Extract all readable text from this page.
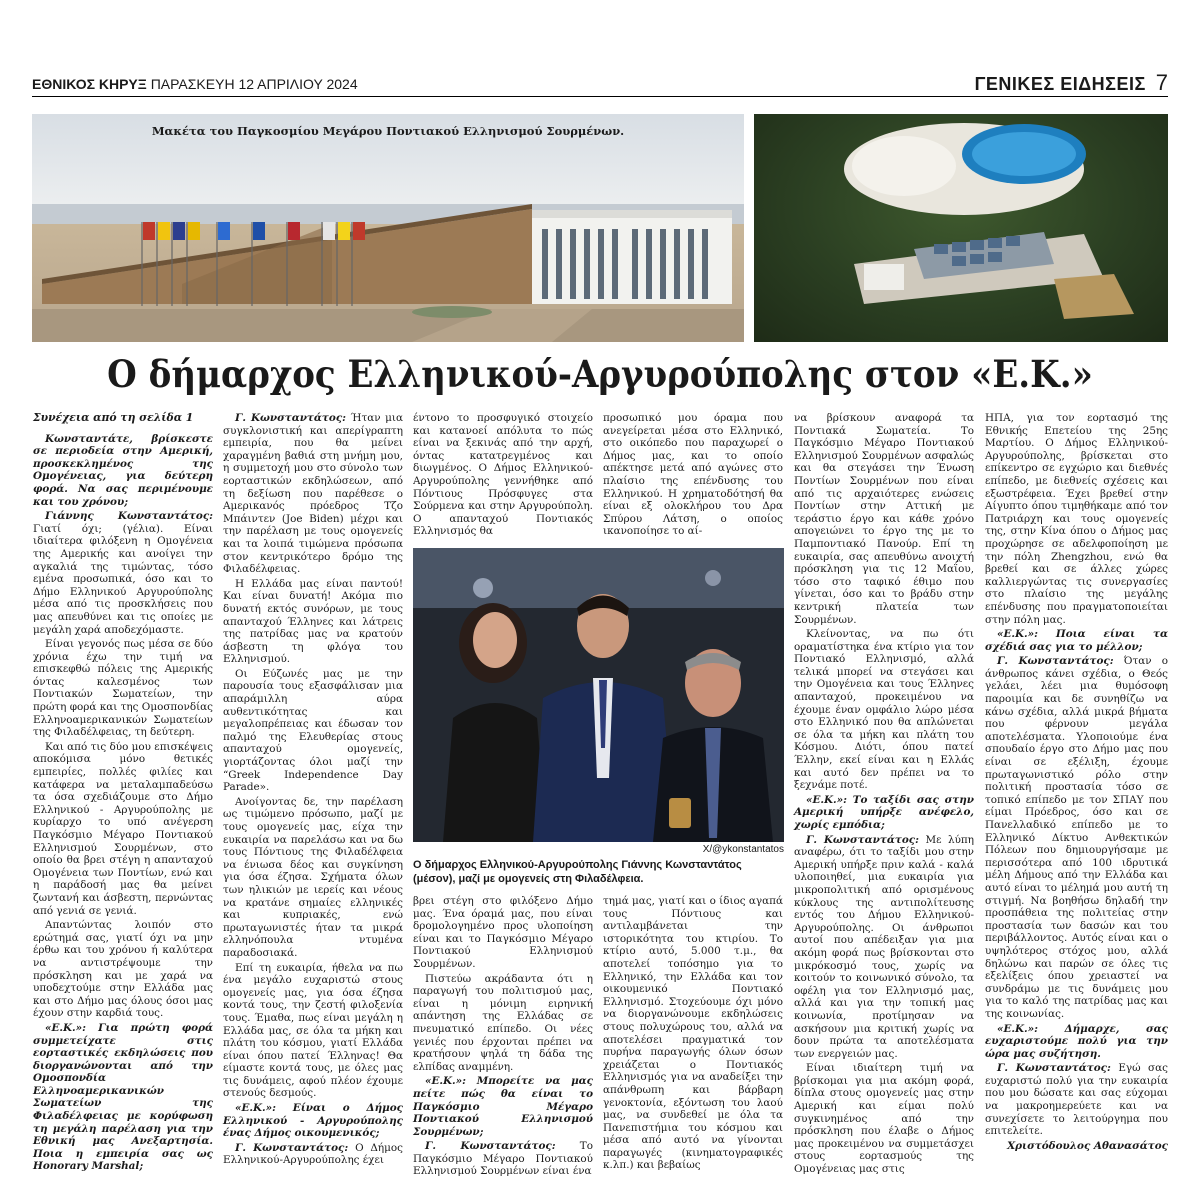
ΕΘΝΙΚΟΣ ΚΗΡΥΞ ΠΑΡΑΣΚΕΥΗ 12 ΑΠΡΙΛΙΟΥ 2024	ΓΕΝΙΚΕΣ ΕΙΔΗΣΕΙΣ 7
Μακέτα του Παγκοσμίου Μεγάρου Ποντιακού Ελληνισμού Σουρμένων.
Ο δήμαρχος Ελληνικού-Αργυρούπολης στον «Ε.Κ.»

Συνέχεια από τη σελίδα 1

Κωνσταντάτε, βρίσκεστε σε περιοδεία στην Αμερική, προσκεκλημένος της Ομογένειας, για δεύτερη φορά. Να σας περιμένουμε και του χρόνου;

Γιάννης Κωνσταντάτος: Γιατί όχι; (γέλια). Είναι ιδιαίτερα φιλόξενη η Ομογένεια της Αμερικής και ανοίγει την αγκαλιά της τιμώντας, τόσο εμένα προσωπικά, όσο και το Δήμο Ελληνικού Αργυρούπολης μέσα από τις προσκλήσεις που μας απευθύνει και τις οποίες με μεγάλη χαρά αποδεχόμαστε.

Είναι γεγονός πως μέσα σε δύο χρόνια έχω την τιμή να επισκεφθώ πόλεις της Αμερικής όντας καλεσμένος των Ποντιακών Σωματείων, την πρώτη φορά και της Ομοσπονδίας Ελληνοαμερικανικών Σωματείων της Φιλαδέλφειας, τη δεύτερη.

Και από τις δύο μου επισκέψεις αποκόμισα μόνο θετικές εμπειρίες, πολλές φιλίες και κατάφερα να μεταλαμπαδεύσω τα όσα σχεδιάζουμε στο Δήμο Ελληνικού - Αργυρούπολης με κυρίαρχο το υπό ανέγερση Παγκόσμιο Μέγαρο Ποντιακού Ελληνισμού Σουρμένων, στο οποίο θα βρει στέγη η απανταχού Ομογένεια των Ποντίων, ενώ και η παράδοσή μας θα μείνει ζωντανή και άσβεστη, περνώντας από γενιά σε γενιά.

Απαντώντας λοιπόν στο ερώτημά σας, γιατί όχι να μην έρθω και του χρόνου ή καλύτερα να αντιστρέψουμε την πρόσκληση και με χαρά να υποδεχτούμε στην Ελλάδα μας και στο Δήμο μας όλους όσοι μας έχουν στην καρδιά τους.

«Ε.Κ.»: Για πρώτη φορά συμμετείχατε στις εορταστικές εκδηλώσεις που διοργανώνονται από την Ομοσπονδία Ελληνοαμερικανικών Σωματείων της Φιλαδέλφειας με κορύφωση τη μεγάλη παρέλαση για την Εθνική μας Ανεξαρτησία. Ποια η εμπειρία σας ως Honorary Marshal;

Γ. Κωνσταντάτος: Ήταν μια συγκλονιστική και απερίγραπτη εμπειρία, που θα μείνει χαραγμένη βαθιά στη μνήμη μου, η συμμετοχή μου στο σύνολο των εορταστικών εκδηλώσεων, από τη δεξίωση που παρέθεσε ο Αμερικανός πρόεδρος Τζο Μπάιντεν (Joe Biden) μέχρι και την παρέλαση με τους ομογενείς και τα λοιπά τιμώμενα πρόσωπα στον κεντρικότερο δρόμο της Φιλαδέλφειας.

Η Ελλάδα μας είναι παντού! Και είναι δυνατή! Ακόμα πιο δυνατή εκτός συνόρων, με τους απανταχού Έλληνες και λάτρεις της πατρίδας μας να κρατούν άσβεστη τη φλόγα του Ελληνισμού.

Οι Εύζωνές μας με την παρουσία τους εξασφάλισαν μια απαράμιλλη αύρα αυθεντικότητας και μεγαλοπρέπειας και έδωσαν τον παλμό της Ελευθερίας στους απανταχού ομογενείς, γιορτάζοντας όλοι μαζί την “Greek Independence Day Parade».

Ανοίγοντας δε, την παρέλαση ως τιμώμενο πρόσωπο, μαζί με τους ομογενείς μας, είχα την ευκαιρία να παρελάσω και να δω τους Πόντιους της Φιλαδέλφεια να ένιωσα δέος και συγκίνηση για όσα έζησα. Σχήματα όλων των ηλικιών με ιερείς και νέους να κρατάνε σημαίες ελληνικές και κυπριακές, ενώ πρωταγωνιστές ήταν τα μικρά ελληνόπουλα ντυμένα παραδοσιακά.

Επί τη ευκαιρία, ήθελα να πω ένα μεγάλο ευχαριστώ στους ομογενείς μας, για όσα έζησα κοντά τους, την ζεστή φιλοξενία τους. Έμαθα, πως είναι μεγάλη η Ελλάδα μας, σε όλα τα μήκη και πλάτη του κόσμου, γιατί Ελλάδα είναι όπου πατεί Έλληνας! Θα είμαστε κοντά τους, με όλες μας τις δυνάμεις, αφού πλέον έχουμε στενούς δεσμούς.

«Ε.Κ.»: Είναι ο Δήμος Ελληνικού - Αργυρούπολης ένας Δήμος οικουμενικός;

Γ. Κωνσταντάτος: Ο Δήμος Ελληνικού-Αργυρούπολης έχει

έντονο το προσφυγικό στοιχείο και κατανοεί απόλυτα το πώς είναι να ξεκινάς από την αρχή, όντας κατατρεγμένος και διωγμένος. Ο Δήμος Ελληνικού-Αργυρούπολης γεννήθηκε από Πόντιους Πρόσφυγες στα Σούρμενα και στην Αργυρούπολη. Ο απανταχού Ποντιακός Ελληνισμός θα

προσωπικό μου όραμα που ανεγείρεται μέσα στο Ελληνικό, στο οικόπεδο που παραχωρεί ο Δήμος μας, και το οποίο απέκτησε μετά από αγώνες στο πλαίσιο της επένδυσης του Ελληνικού. Η χρηματοδότησή θα είναι εξ ολοκλήρου του Δρα Σπύρου Λάτση, ο οποίος ικανοποίησε το αί-

βρει στέγη στο φιλόξενο Δήμο μας. Ένα όραμά μας, που είναι δρομολογημένο προς υλοποίηση είναι και το Παγκόσμιο Μέγαρο Ποντιακού Ελληνισμού Σουρμένων.

Πιστεύω ακράδαντα ότι η παραγωγή του πολιτισμού μας, είναι η μόνιμη ειρηνική απάντηση της Ελλάδας σε πνευματικό επίπεδο. Οι νέες γενιές που έρχονται πρέπει να κρατήσουν ψηλά τη δάδα της ελπίδας αναμμένη.

«Ε.Κ.»: Μπορείτε να μας πείτε πώς θα είναι το Παγκόσμιο Μέγαρο Ποντιακού Ελληνισμού Σουρμένων;

Γ. Κωνσταντάτος: Το Παγκόσμιο Μέγαρο Ποντιακού Ελληνισμού Σουρμένων είναι ένα

τημά μας, γιατί και ο ίδιος αγαπά τους Πόντιους και αντιλαμβάνεται την ιστορικότητα του κτιρίου. Το κτίριο αυτό, 5.000 τ.μ., θα αποτελεί τοπόσημο για το Ελληνικό, την Ελλάδα και τον οικουμενικό Ποντιακό Ελληνισμό. Στοχεύουμε όχι μόνο να διοργανώνουμε εκδηλώσεις στους πολυχώρους του, αλλά να αποτελέσει πραγματικά τον πυρήνα παραγωγής όλων όσων χρειάζεται ο Ποντιακός Ελληνισμός για να αναδείξει την απάνθρωπη και βάρβαρη γενοκτονία, εξόντωση του λαού μας, να συνδεθεί με όλα τα Πανεπιστήμια του κόσμου και μέσα από αυτό να γίνονται παραγωγές (κινηματογραφικές κ.λπ.) και βεβαίως

να βρίσκουν αναφορά τα Ποντιακά Σωματεία. Το Παγκόσμιο Μέγαρο Ποντιακού Ελληνισμού Σουρμένων ασφαλώς και θα στεγάσει την Ένωση Ποντίων Σουρμένων που είναι από τις αρχαιότερες ενώσεις Ποντίων στην Αττική με τεράστιο έργο και κάθε χρόνο απογειώνει το έργο της με το Παμποντιακό Πανούρ. Επί τη ευκαιρία, σας απευθύνω ανοιχτή πρόσκληση για τις 12 Μαΐου, τόσο στο ταφικό έθιμο που γίνεται, όσο και το βράδυ στην κεντρική πλατεία των Σουρμένων.

Κλείνοντας, να πω ότι οραματίστηκα ένα κτίριο για τον Ποντιακό Ελληνισμό, αλλά τελικά μπορεί να στεγάσει και την Ομογένεια και τους Έλληνες απανταχού, προκειμένου να έχουμε έναν ομφάλιο λώρο μέσα στο Ελληνικό που θα απλώνεται σε όλα τα μήκη και πλάτη του Κόσμου. Διότι, όπου πατεί Έλλην, εκεί είναι και η Ελλάς και αυτό δεν πρέπει να το ξεχνάμε ποτέ.

«Ε.Κ.»: Το ταξίδι σας στην Αμερική υπήρξε ανέφελο, χωρίς εμπόδια;

Γ. Κωνσταντάτος: Με λύπη αναφέρω, ότι το ταξίδι μου στην Αμερική υπήρξε πριν καλά - καλά υλοποιηθεί, μια ευκαιρία για μικροπολιτική από ορισμένους κύκλους της αντιπολίτευσης εντός του Δήμου Ελληνικού-Αργυρούπολης. Οι άνθρωποι αυτοί που απέδειξαν για μια ακόμη φορά πως βρίσκονται στο μικρόκοσμό τους, χωρίς να κοιτούν το κοινωνικό σύνολο, τα οφέλη για τον Ελληνισμό μας, αλλά και για την τοπική μας κοινωνία, προτίμησαν να ασκήσουν μια κριτική χωρίς να δουν πρώτα τα αποτελέσματα των ενεργειών μας.

Είναι ιδιαίτερη τιμή να βρίσκομαι για μια ακόμη φορά, δίπλα στους ομογενείς μας στην Αμερική και είμαι πολύ συγκινημένος από την πρόσκληση που έλαβε ο Δήμος μας προκειμένου να συμμετάσχει στους εορτασμούς της Ομογένειας μας στις

ΗΠΑ, για τον εορτασμό της Εθνικής Επετείου της 25ης Μαρτίου. Ο Δήμος Ελληνικού-Αργυρούπολης, βρίσκεται στο επίκεντρο σε εγχώριο και διεθνές επίπεδο, με διεθνείς σχέσεις και εξωστρέφεια. Έχει βρεθεί στην Αίγυπτο όπου τιμηθήκαμε από τον Πατριάρχη και τους ομογενείς της, στην Κίνα όπου ο Δήμος μας προχώρησε σε αδελφοποίηση με την πόλη Zhengzhou, ενώ θα βρεθεί και σε άλλες χώρες καλλιεργώντας τις συνεργασίες στο πλαίσιο της μεγάλης επένδυσης που πραγματοποιείται στην πόλη μας.

«Ε.Κ.»: Ποια είναι τα σχέδιά σας για το μέλλον;

Γ. Κωνσταντάτος: Όταν ο άνθρωπος κάνει σχέδια, ο Θεός γελάει, λέει μια θυμόσοφη παροιμία και δε συνηθίζω να κάνω σχέδια, αλλά μικρά βήματα που φέρνουν μεγάλα αποτελέσματα. Υλοποιούμε ένα σπουδαίο έργο στο Δήμο μας που είναι σε εξέλιξη, έχουμε πρωταγωνιστικό ρόλο στην πολιτική προστασία τόσο σε τοπικό επίπεδο με τον ΣΠΑΥ που είμαι Πρόεδρος, όσο και σε Πανελλαδικό επίπεδο με το Ελληνικό Δίκτυο Ανθεκτικών Πόλεων που δημιουργήσαμε με περισσότερα από 100 ιδρυτικά μέλη Δήμους από την Ελλάδα και αυτό είναι το μέλημά μου αυτή τη στιγμή. Να βοηθήσω δηλαδή την προσπάθεια της πολιτείας στην προστασία των δασών και του περιβάλλοντος. Αυτός είναι και ο υψηλότερος στόχος μου, αλλά δηλώνω και παρών σε όλες τις εξελίξεις όπου χρειαστεί να συνδράμω με τις δυνάμεις μου για το καλό της πατρίδας μας και της κοινωνίας.

«Ε.Κ.»: Δήμαρχε, σας ευχαριστούμε πολύ για την ώρα μας συζήτηση.

Γ. Κωνσταντάτος: Εγώ σας ευχαριστώ πολύ για την ευκαιρία που μου δώσατε και σας εύχομαι να μακροημερεύετε και να συνεχίσετε το λειτούργημα που επιτελείτε.

Χριστόδουλος Αθανασάτος
X/@ykonstantatos
Ο δήμαρχος Ελληνικού-Αργυρούπολης Γιάννης Κωνσταντάτος (μέσον), μαζί με ομογενείς στη Φιλαδέλφεια.
